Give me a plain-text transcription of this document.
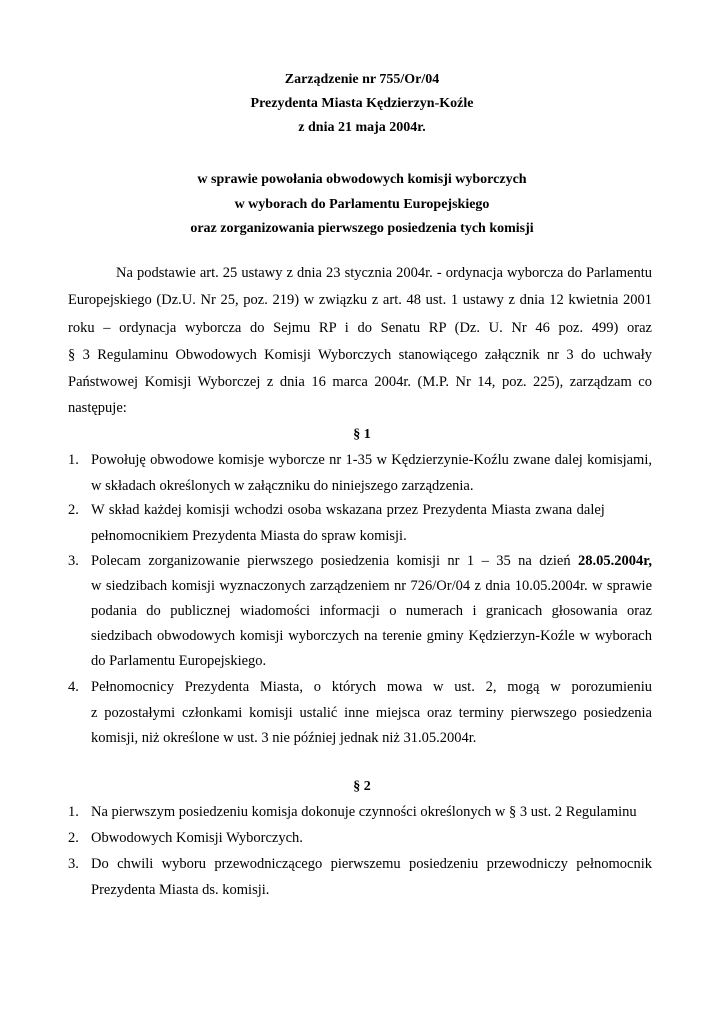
Zarządzenie nr 755/Or/04
Prezydenta Miasta Kędzierzyn-Koźle
z dnia 21 maja 2004r.
w sprawie powołania obwodowych komisji wyborczych
w wyborach do Parlamentu Europejskiego
oraz zorganizowania pierwszego posiedzenia tych komisji
Na podstawie art. 25 ustawy z dnia 23 stycznia 2004r. - ordynacja wyborcza do Parlamentu
Europejskiego (Dz.U. Nr 25, poz. 219) w związku z art. 48 ust. 1 ustawy z dnia 12 kwietnia 2001
roku – ordynacja wyborcza do Sejmu RP i do Senatu RP (Dz. U. Nr 46 poz. 499) oraz
§ 3 Regulaminu Obwodowych Komisji Wyborczych stanowiącego załącznik nr 3 do uchwały
Państwowej Komisji Wyborczej z dnia 16 marca 2004r. (M.P. Nr 14, poz. 225), zarządzam co
następuje:
§ 1
1. Powołuję obwodowe komisje wyborcze nr 1-35 w Kędzierzynie-Koźlu zwane dalej komisjami,
w składach określonych w załączniku do niniejszego zarządzenia.
2. W skład każdej komisji wchodzi osoba wskazana przez Prezydenta Miasta zwana dalej
pełnomocnikiem Prezydenta Miasta do spraw komisji.
3. Polecam zorganizowanie pierwszego posiedzenia komisji nr 1 – 35 na dzień 28.05.2004r,
w siedzibach komisji wyznaczonych zarządzeniem nr 726/Or/04 z dnia 10.05.2004r. w sprawie
podania do publicznej wiadomości informacji o numerach i granicach głosowania oraz
siedzibach obwodowych komisji wyborczych na terenie gminy Kędzierzyn-Koźle w wyborach
do Parlamentu Europejskiego.
4. Pełnomocnicy Prezydenta Miasta, o których mowa w ust. 2, mogą w porozumieniu
z pozostałymi członkami komisji ustalić inne miejsca oraz terminy pierwszego posiedzenia
komisji, niż określone w ust. 3 nie później jednak niż 31.05.2004r.
§ 2
1. Na pierwszym posiedzeniu komisja dokonuje czynności określonych w § 3 ust. 2 Regulaminu
2. Obwodowych Komisji Wyborczych.
3. Do chwili wyboru przewodniczącego pierwszemu posiedzeniu przewodniczy pełnomocnik
Prezydenta Miasta ds. komisji.
